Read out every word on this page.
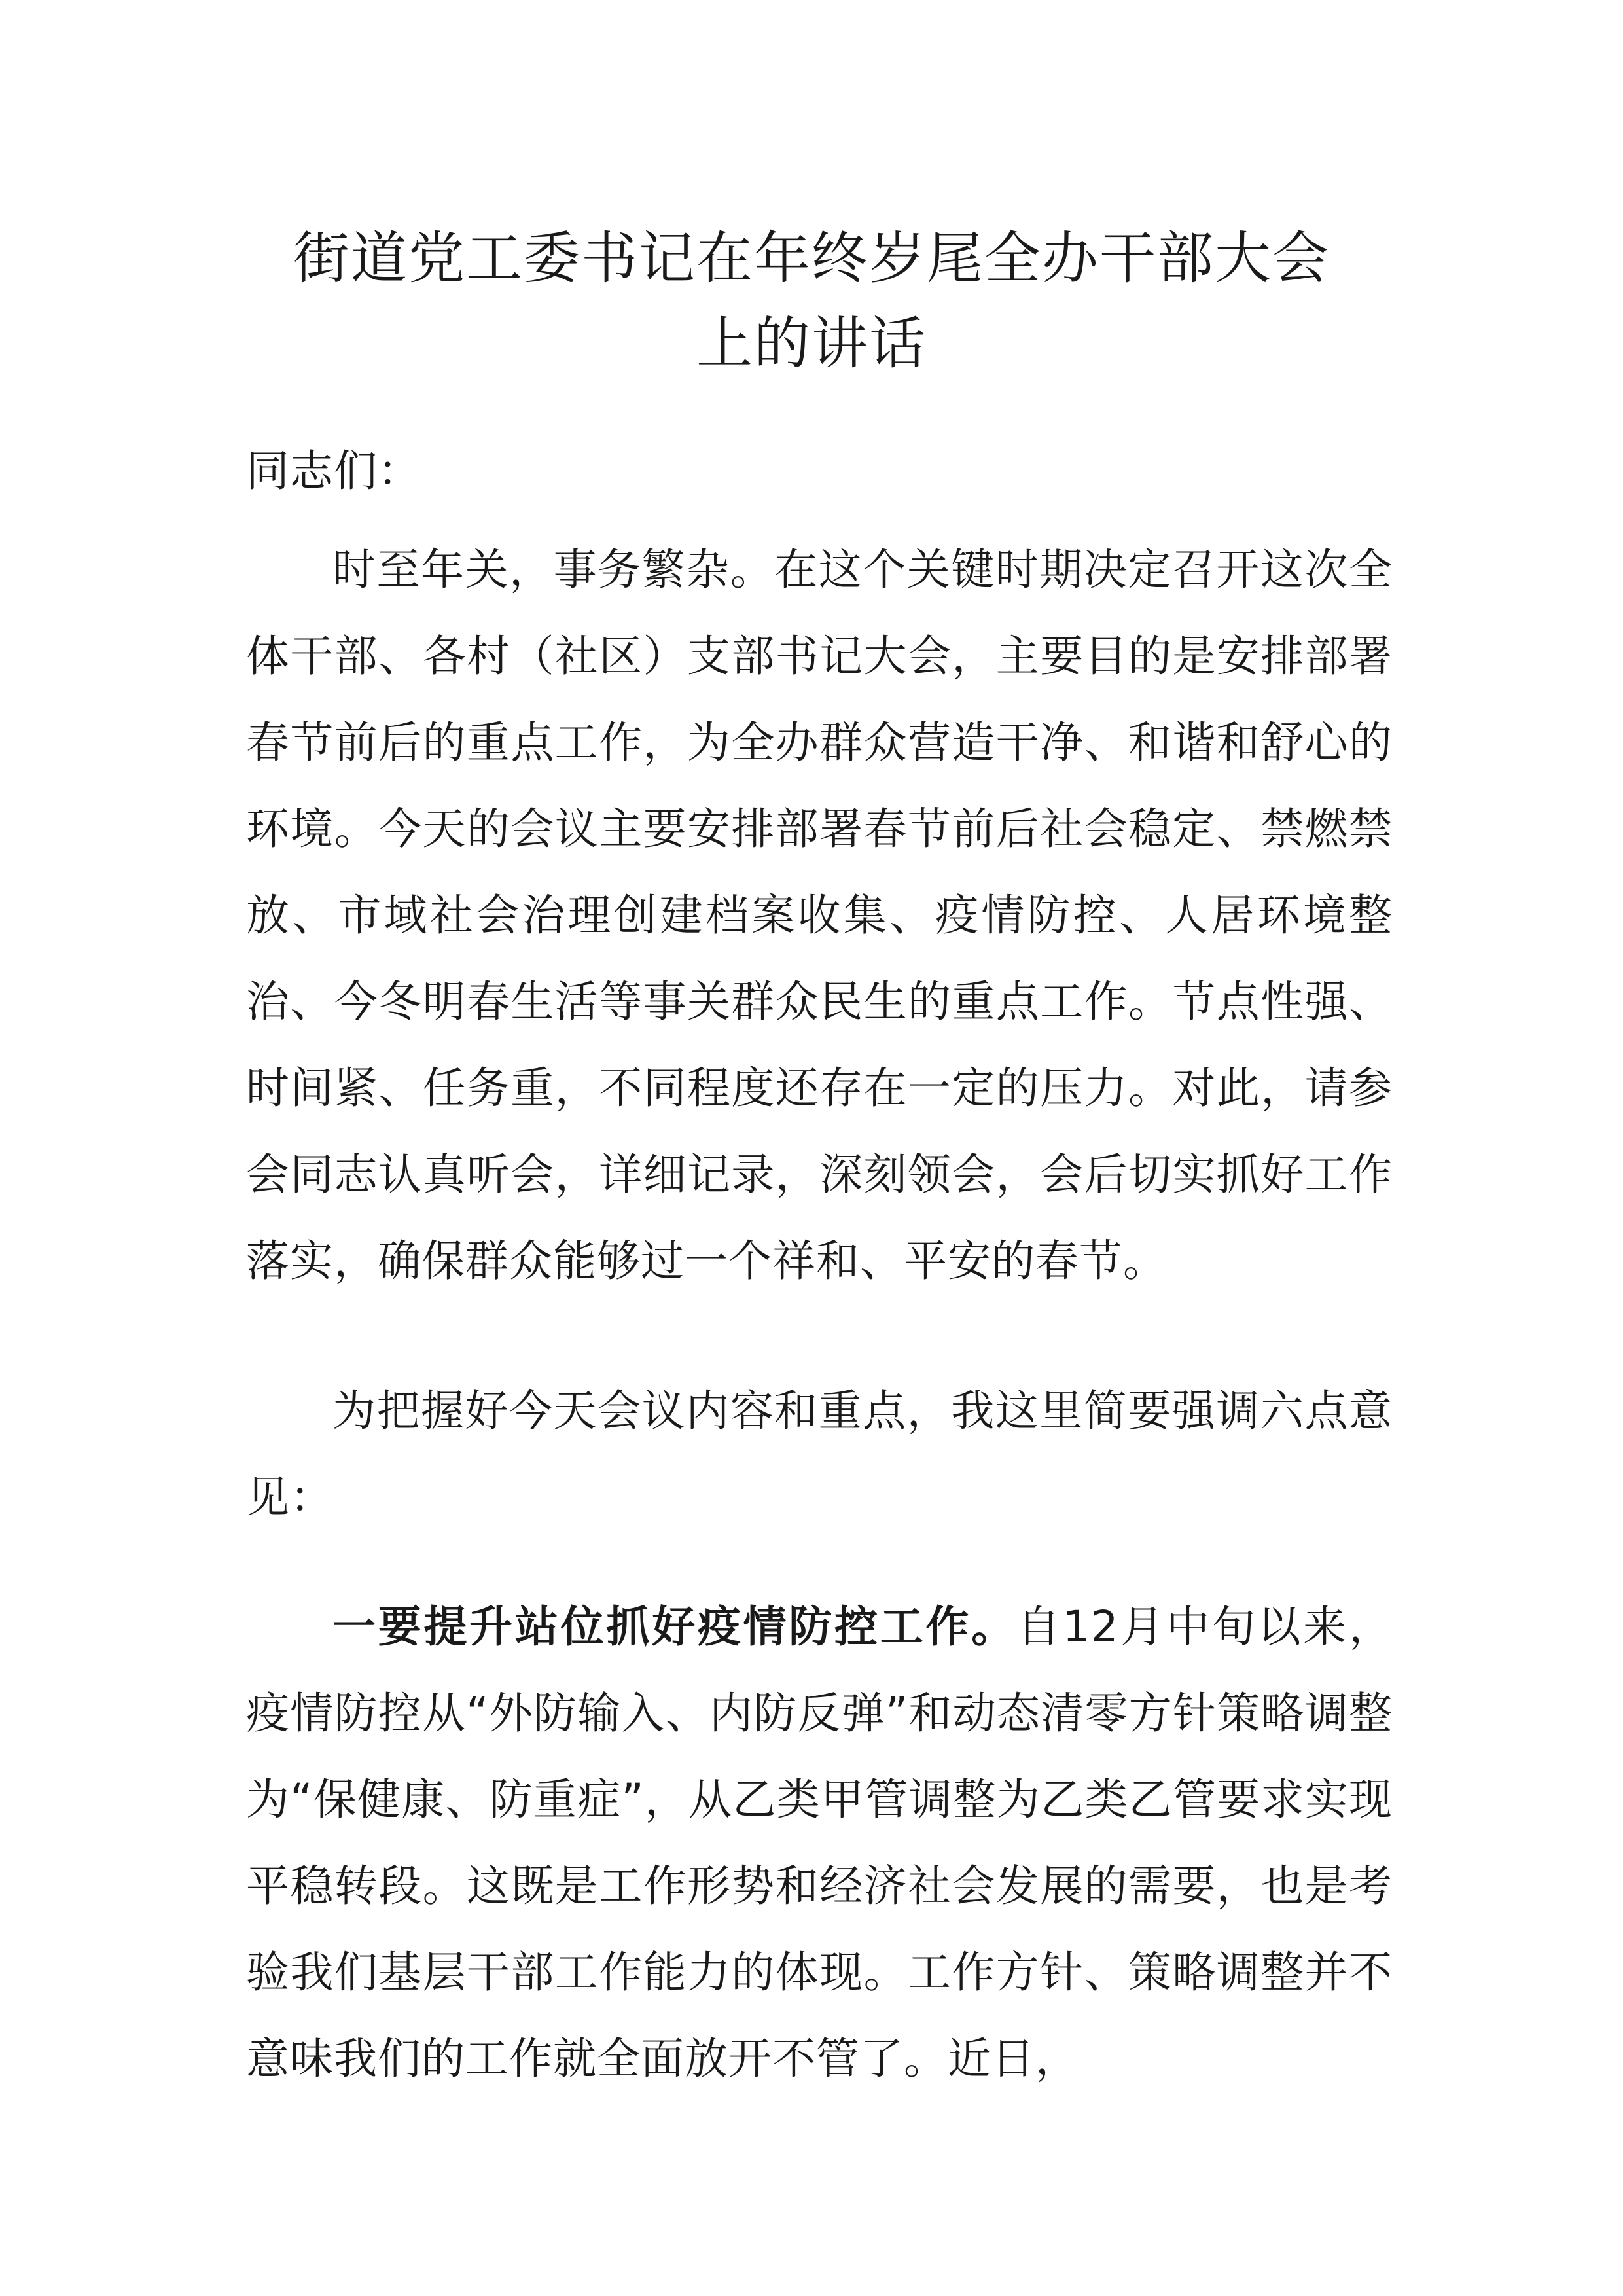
街道党工委书记在年终岁尾全办干部大会
上的讲话

同志们：

时至年关，事务繁杂。在这个关键时期决定召开这次全体干部、各村（社区）支部书记大会，主要目的是安排部署春节前后的重点工作，为全办群众营造干净、和谐和舒心的环境。今天的会议主要安排部署春节前后社会稳定、禁燃禁放、市域社会治理创建档案收集、疫情防控、人居环境整治、今冬明春生活等事关群众民生的重点工作。节点性强、时间紧、任务重，不同程度还存在一定的压力。对此，请参会同志认真听会，详细记录，深刻领会，会后切实抓好工作落实，确保群众能够过一个祥和、平安的春节。

为把握好今天会议内容和重点，我这里简要强调六点意见：

一要提升站位抓好疫情防控工作。自12月中旬以来，疫情防控从“外防输入、内防反弹”和动态清零方针策略调整为“保健康、防重症”，从乙类甲管调整为乙类乙管要求实现平稳转段。这既是工作形势和经济社会发展的需要，也是考验我们基层干部工作能力的体现。工作方针、策略调整并不意味我们的工作就全面放开不管了。近日，
